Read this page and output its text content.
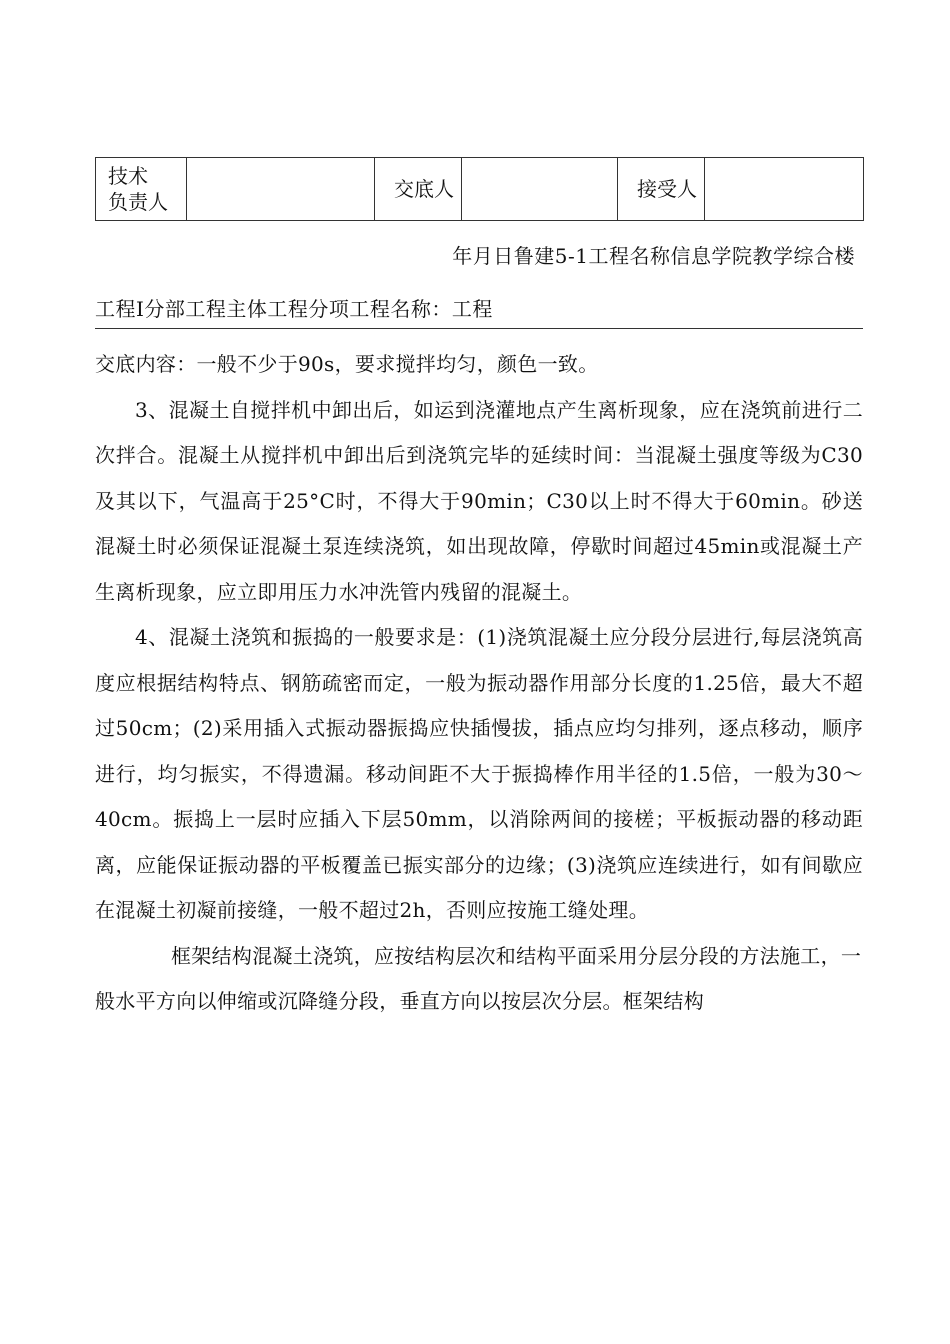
技术
负责人		交底人		接受人	
年月日鲁建5-1工程名称信息学院教学综合楼
工程I分部工程主体工程分项工程名称：工程

交底内容：一般不少于90s，要求搅拌均匀，颜色一致。

3、混凝土自搅拌机中卸出后，如运到浇灌地点产生离析现象，应在浇筑前进行二次拌合。混凝土从搅拌机中卸出后到浇筑完毕的延续时间：当混凝土强度等级为C30及其以下，气温高于25°C时，不得大于90min；C30以上时不得大于60min。砂送混凝土时必须保证混凝土泵连续浇筑，如出现故障，停歇时间超过45min或混凝土产生离析现象，应立即用压力水冲洗管内残留的混凝土。

4、混凝土浇筑和振捣的一般要求是：(1)浇筑混凝土应分段分层进行,每层浇筑高度应根据结构特点、钢筋疏密而定，一般为振动器作用部分长度的1.25倍，最大不超过50cm；(2)采用插入式振动器振捣应快插慢拔，插点应均匀排列，逐点移动，顺序进行，均匀振实，不得遗漏。移动间距不大于振捣棒作用半径的1.5倍，一般为30〜40cm。振捣上一层时应插入下层50mm，以消除两间的接槎；平板振动器的移动距离，应能保证振动器的平板覆盖已振实部分的边缘；(3)浇筑应连续进行，如有间歇应在混凝土初凝前接缝，一般不超过2h，否则应按施工缝处理。

框架结构混凝土浇筑，应按结构层次和结构平面采用分层分段的方法施工，一般水平方向以伸缩或沉降缝分段，垂直方向以按层次分层。框架结构
